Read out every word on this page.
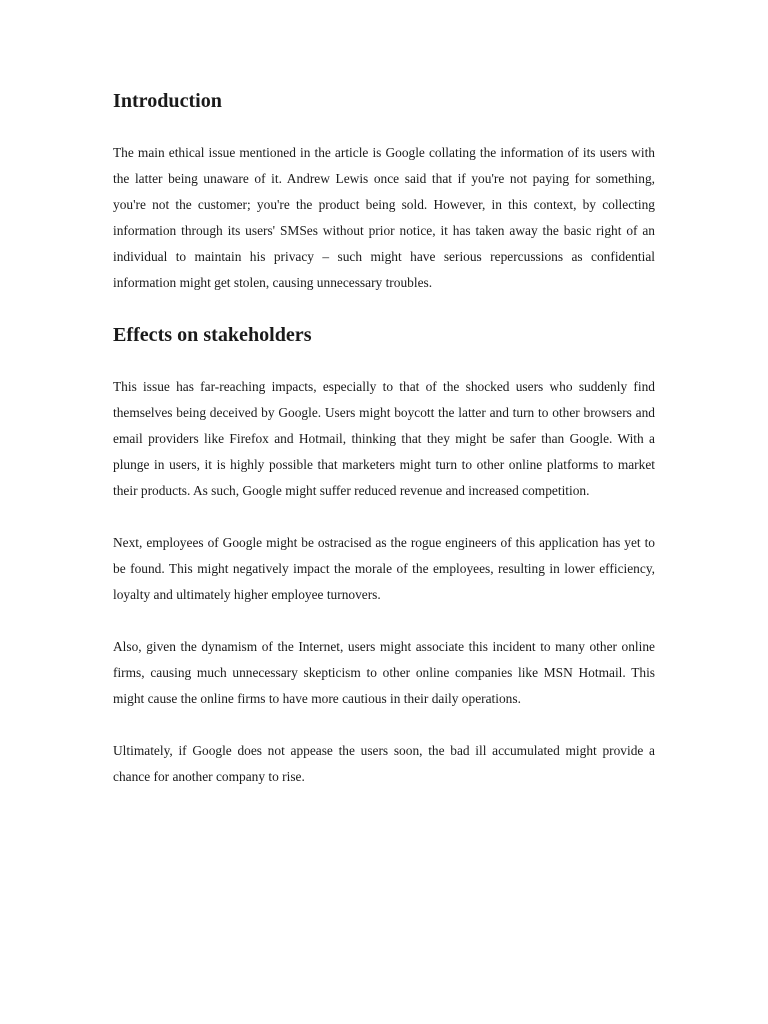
Introduction

The main ethical issue mentioned in the article is Google collating the information of its users with the latter being unaware of it. Andrew Lewis once said that if you're not paying for something, you're not the customer; you're the product being sold. However, in this context, by collecting information through its users' SMSes without prior notice, it has taken away the basic right of an individual to maintain his privacy – such might have serious repercussions as confidential information might get stolen, causing unnecessary troubles.

Effects on stakeholders

This issue has far-reaching impacts, especially to that of the shocked users who suddenly find themselves being deceived by Google. Users might boycott the latter and turn to other browsers and email providers like Firefox and Hotmail, thinking that they might be safer than Google. With a plunge in users, it is highly possible that marketers might turn to other online platforms to market their products. As such, Google might suffer reduced revenue and increased competition.

Next, employees of Google might be ostracised as the rogue engineers of this application has yet to be found. This might negatively impact the morale of the employees, resulting in lower efficiency, loyalty and ultimately higher employee turnovers.

Also, given the dynamism of the Internet, users might associate this incident to many other online firms, causing much unnecessary skepticism to other online companies like MSN Hotmail. This might cause the online firms to have more cautious in their daily operations.

Ultimately, if Google does not appease the users soon, the bad ill accumulated might provide a chance for another company to rise.
